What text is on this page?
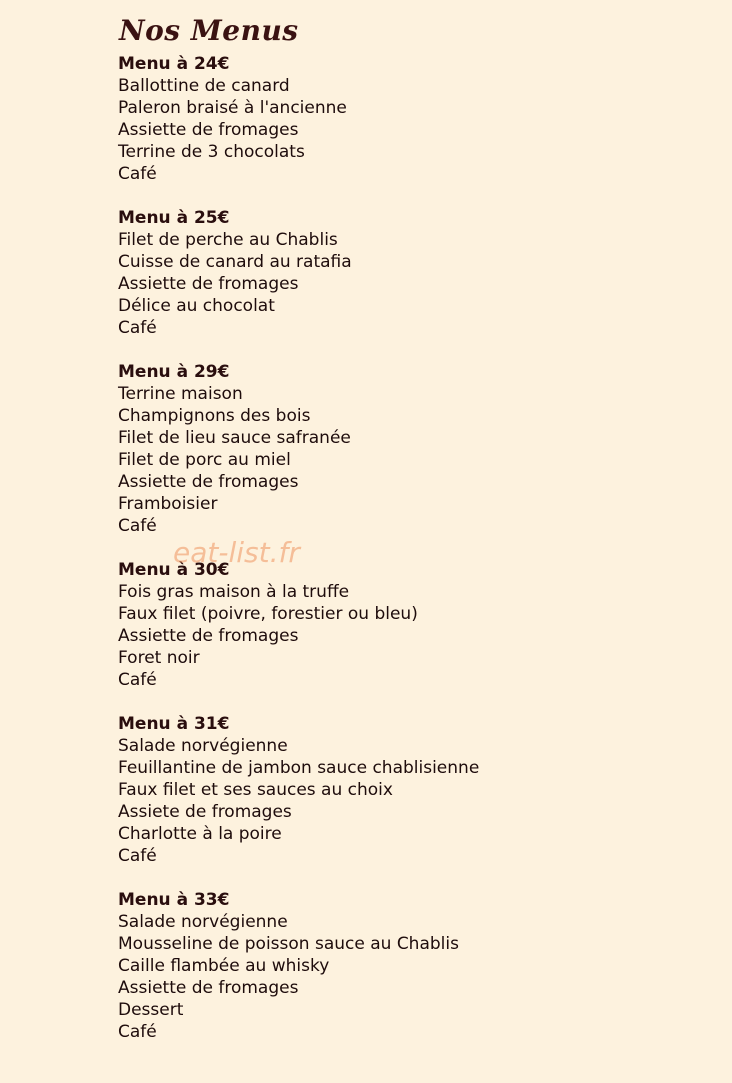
Nos Menus
Menu à 24€
Ballottine de canard
Paleron braisé à l'ancienne
Assiette de fromages
Terrine de 3 chocolats
Café
Menu à 25€
Filet de perche au Chablis
Cuisse de canard au ratafia
Assiette de fromages
Délice au chocolat
Café
Menu à 29€
Terrine maison
Champignons des bois
Filet de lieu sauce safranée
Filet de porc au miel
Assiette de fromages
Framboisier
Café
Menu à 30€
Fois gras maison à la truffe
Faux filet (poivre, forestier ou bleu)
Assiette de fromages
Foret noir
Café
Menu à 31€
Salade norvégienne
Feuillantine de jambon sauce chablisienne
Faux filet et ses sauces au choix
Assiete de fromages
Charlotte à la poire
Café
Menu à 33€
Salade norvégienne
Mousseline de poisson sauce au Chablis
Caille flambée au whisky
Assiette de fromages
Dessert
Café
eat-list.fr
